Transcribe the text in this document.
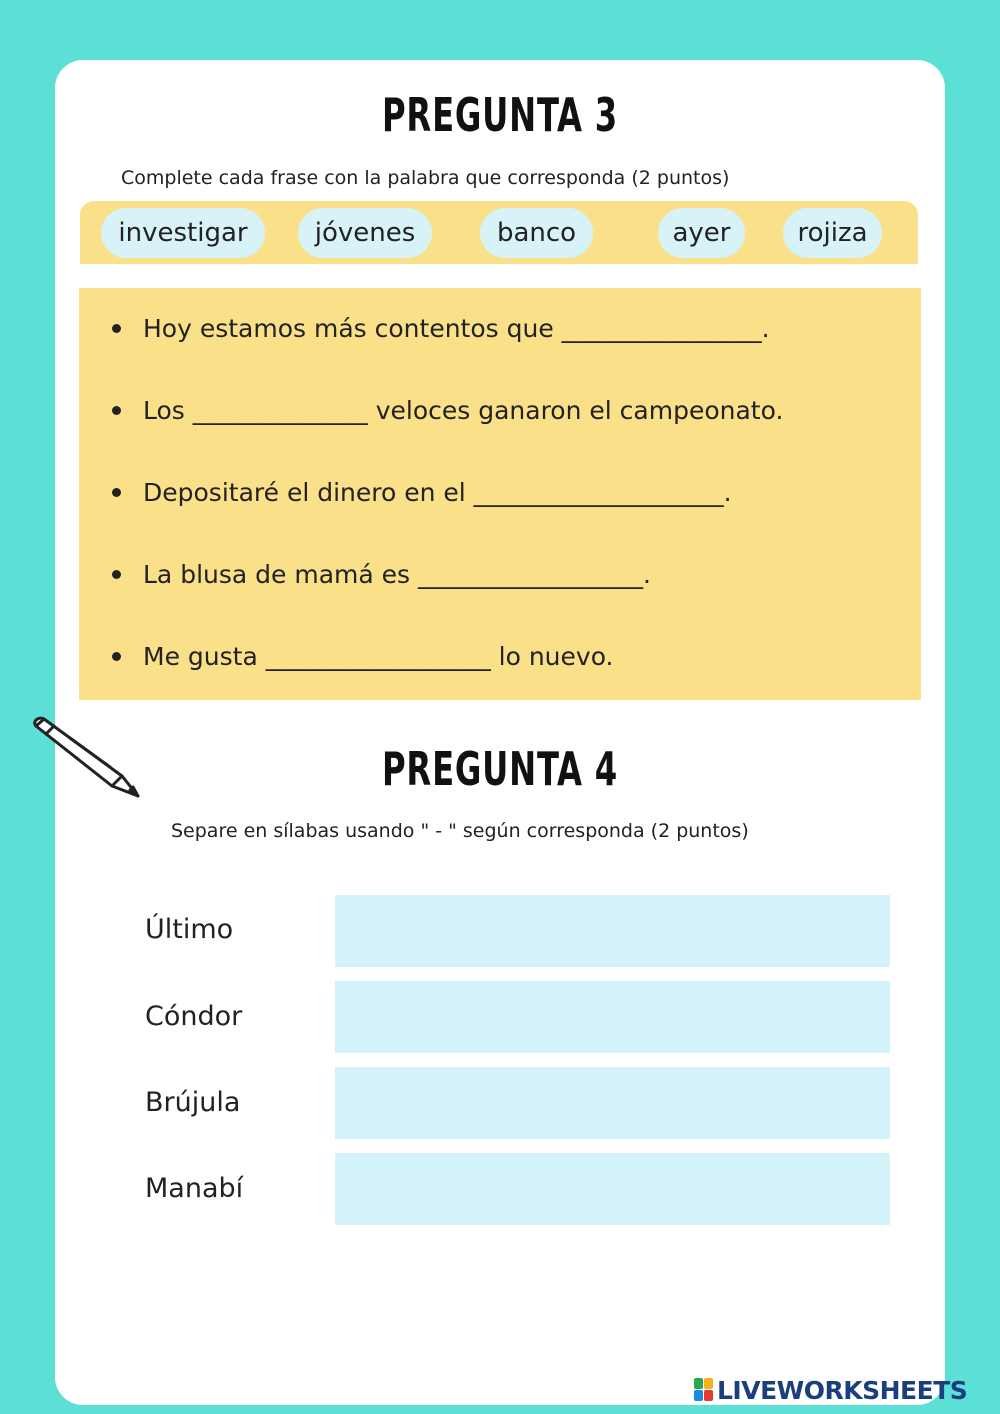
PREGUNTA 3
Complete cada frase con la palabra que corresponda (2 puntos)
investigar	jóvenes	banco	ayer	rojiza
Hoy estamos más contentos que ________________.
Los ______________ veloces ganaron el campeonato.
Depositaré el dinero en el ____________________.
La blusa de mamá es __________________.
Me gusta __________________ lo nuevo.
PREGUNTA 4
Separe en sílabas usando " - " según corresponda (2 puntos)
Último
Cóndor
Brújula
Manabí
LIVEWORKSHEETS
